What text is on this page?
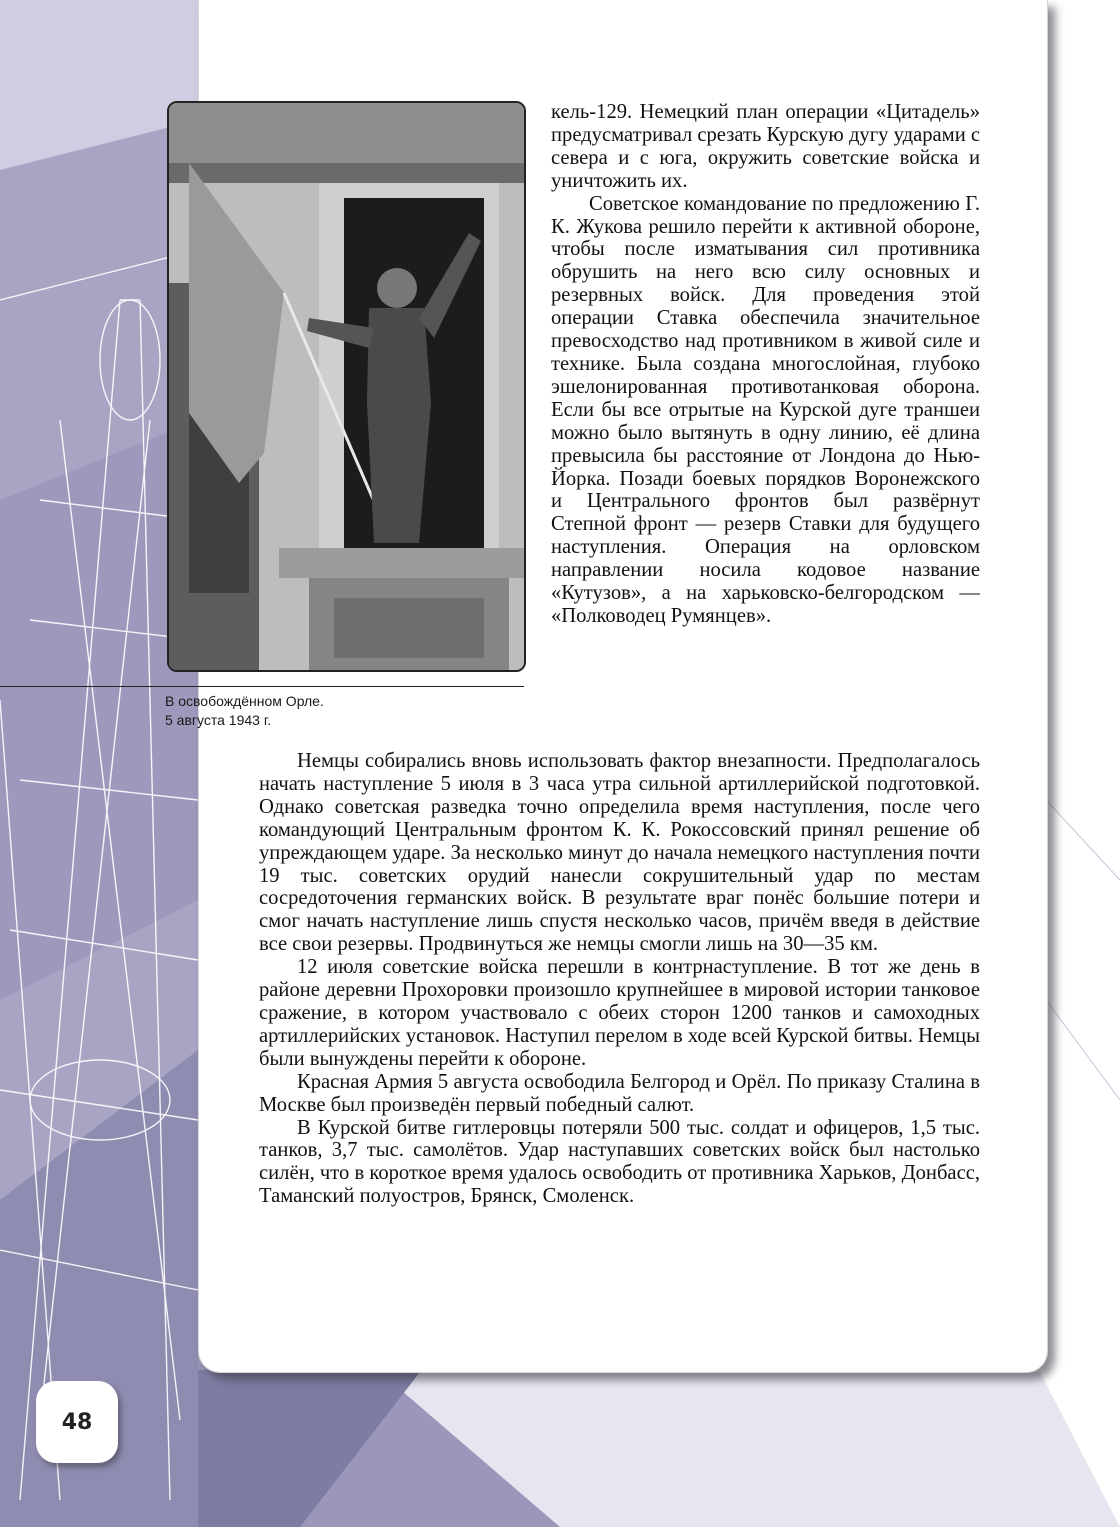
В освобождённом Орле.
5 августа 1943 г.

кель-129. Немецкий план операции «Цитадель» предусматривал срезать Курскую дугу ударами с севера и с юга, окружить советские войска и уничтожить их.

Советское командование по предложению Г. К. Жукова решило перейти к активной обороне, чтобы после изматывания сил противника обрушить на него всю силу основных и резервных войск. Для проведения этой операции Ставка обеспечила значительное превосходство над противником в живой силе и технике. Была создана многослойная, глубоко эшелонированная противотанковая оборона. Если бы все отрытые на Курской дуге траншеи можно было вытянуть в одну линию, её длина превысила бы расстояние от Лондона до Нью-Йорка. Позади боевых порядков Воронежского и Центрального фронтов был развёрнут Степной фронт — резерв Ставки для будущего наступления. Операция на орловском направлении носила кодовое название «Кутузов», а на харьковско-белгородском — «Полководец Румянцев».

Немцы собирались вновь использовать фактор внезапности. Предполагалось начать наступление 5 июля в 3 часа утра сильной артиллерийской подготовкой. Однако советская разведка точно определила время наступления, после чего командующий Центральным фронтом К. К. Рокоссовский принял решение об упреждающем ударе. За несколько минут до начала немецкого наступления почти 19 тыс. советских орудий нанесли сокрушительный удар по местам сосредоточения германских войск. В результате враг понёс большие потери и смог начать наступление лишь спустя несколько часов, причём введя в действие все свои резервы. Продвинуться же немцы смогли лишь на 30—35 км.

12 июля советские войска перешли в контрнаступление. В тот же день в районе деревни Прохоровки произошло крупнейшее в мировой истории танковое сражение, в котором участвовало с обеих сторон 1200 танков и самоходных артиллерийских установок. Наступил перелом в ходе всей Курской битвы. Немцы были вынуждены перейти к обороне.

Красная Армия 5 августа освободила Белгород и Орёл. По приказу Сталина в Москве был произведён первый победный салют.

В Курской битве гитлеровцы потеряли 500 тыс. солдат и офицеров, 1,5 тыс. танков, 3,7 тыс. самолётов. Удар наступавших советских войск был настолько силён, что в короткое время удалось освободить от противника Харьков, Донбасс, Таманский полуостров, Брянск, Смоленск.

48
